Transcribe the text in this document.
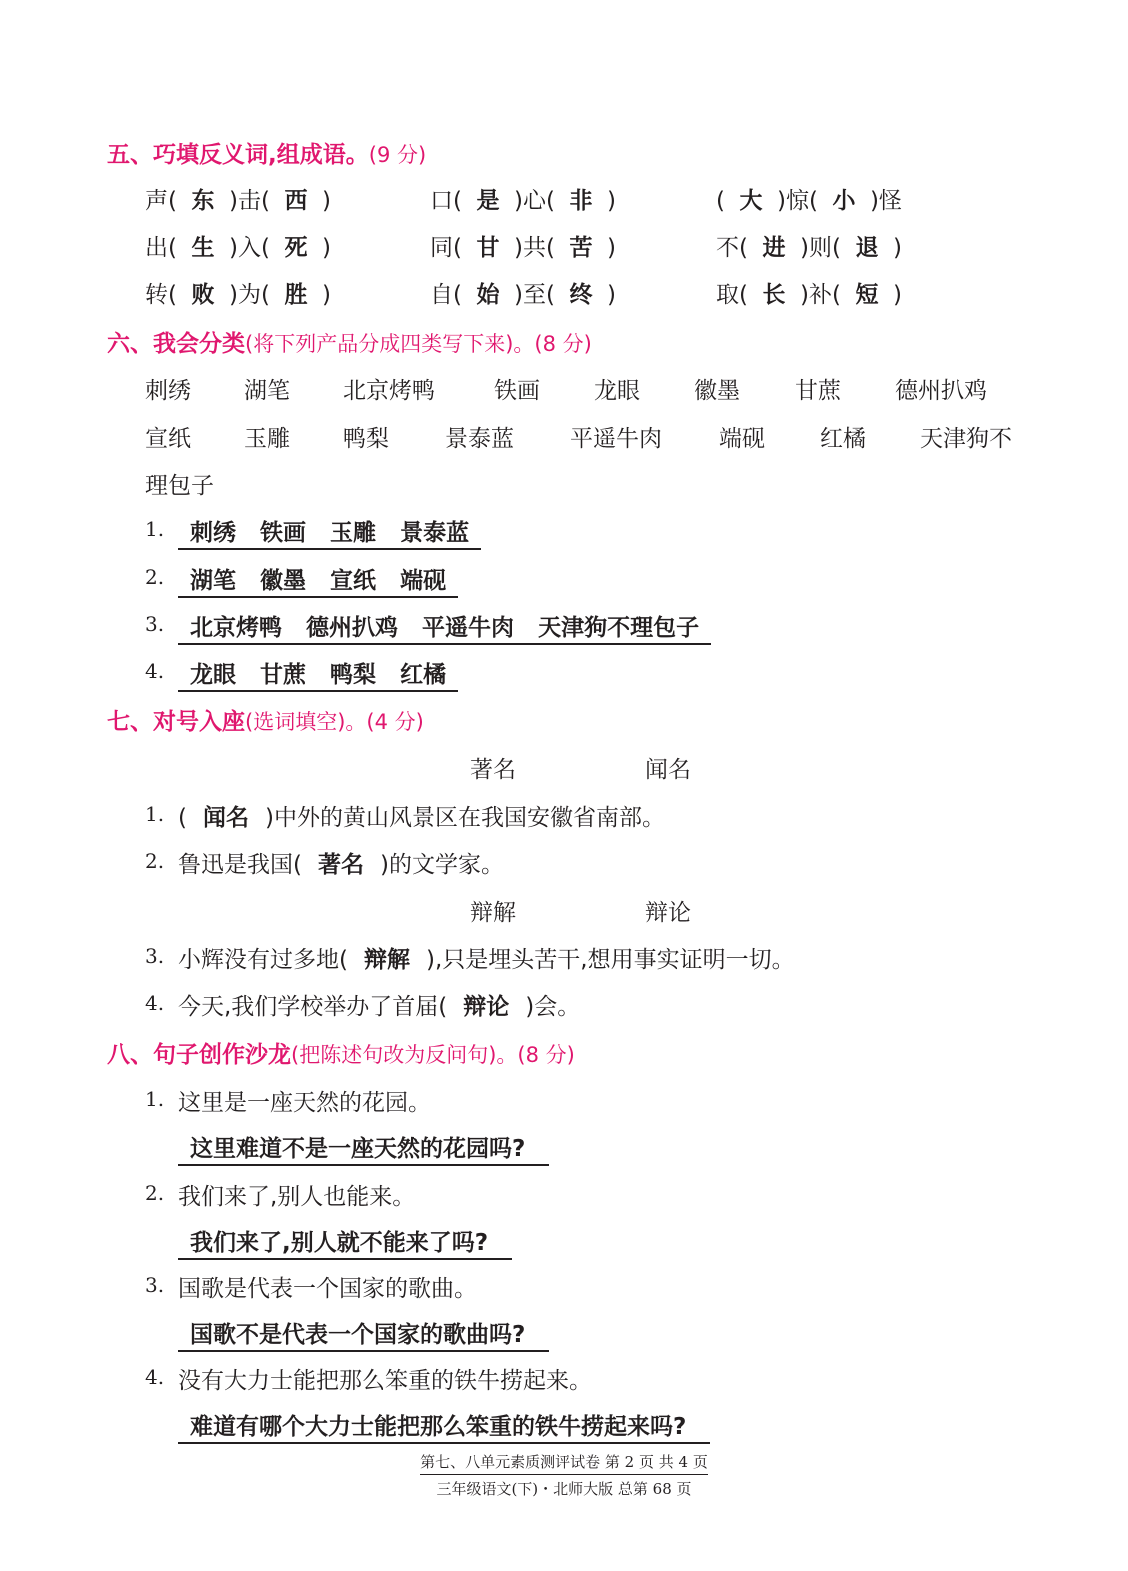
五、巧填反义词,组成语。(9 分)
声( 东 )击( 西 )	口( 是 )心( 非 )	( 大 )惊( 小 )怪
出( 生 )入( 死 )	同( 甘 )共( 苦 )	不( 进 )则( 退 )
转( 败 )为( 胜 )	自( 始 )至( 终 )	取( 长 )补( 短 )
六、我会分类(将下列产品分成四类写下来)。(8 分)
刺绣 湖笔 北京烤鸭	铁画 龙眼 徽墨 甘蔗 德州扒鸡
宣纸 玉雕 鸭梨 景泰蓝 平遥牛肉 端砚 红橘 天津狗不
理包子
1.	刺绣   铁画   玉雕   景泰蓝
2.	湖笔   徽墨   宣纸   端砚
3.	北京烤鸭   德州扒鸡   平遥牛肉   天津狗不理包子
4.	龙眼   甘蔗   鸭梨   红橘
七、对号入座(选词填空)。(4 分)
著名	闻名
辩解	辩论
1. ( 闻名 )中外的黄山风景区在我国安徽省南部。
2. 鲁迅是我国( 著名 )的文学家。
3. 小辉没有过多地( 辩解 ),只是埋头苦干,想用事实证明一切。
4. 今天,我们学校举办了首届( 辩论 )会。
八、句子创作沙龙(把陈述句改为反问句)。(8 分)
1. 这里是一座天然的花园。
这里难道不是一座天然的花园吗?
2. 我们来了,别人也能来。
我们来了,别人就不能来了吗?
3. 国歌是代表一个国家的歌曲。
国歌不是代表一个国家的歌曲吗?
4. 没有大力士能把那么笨重的铁牛捞起来。
难道有哪个大力士能把那么笨重的铁牛捞起来吗?
第七、八单元素质测评试卷 第 2 页 共 4 页
三年级语文(下)・北师大版 总第 68 页
